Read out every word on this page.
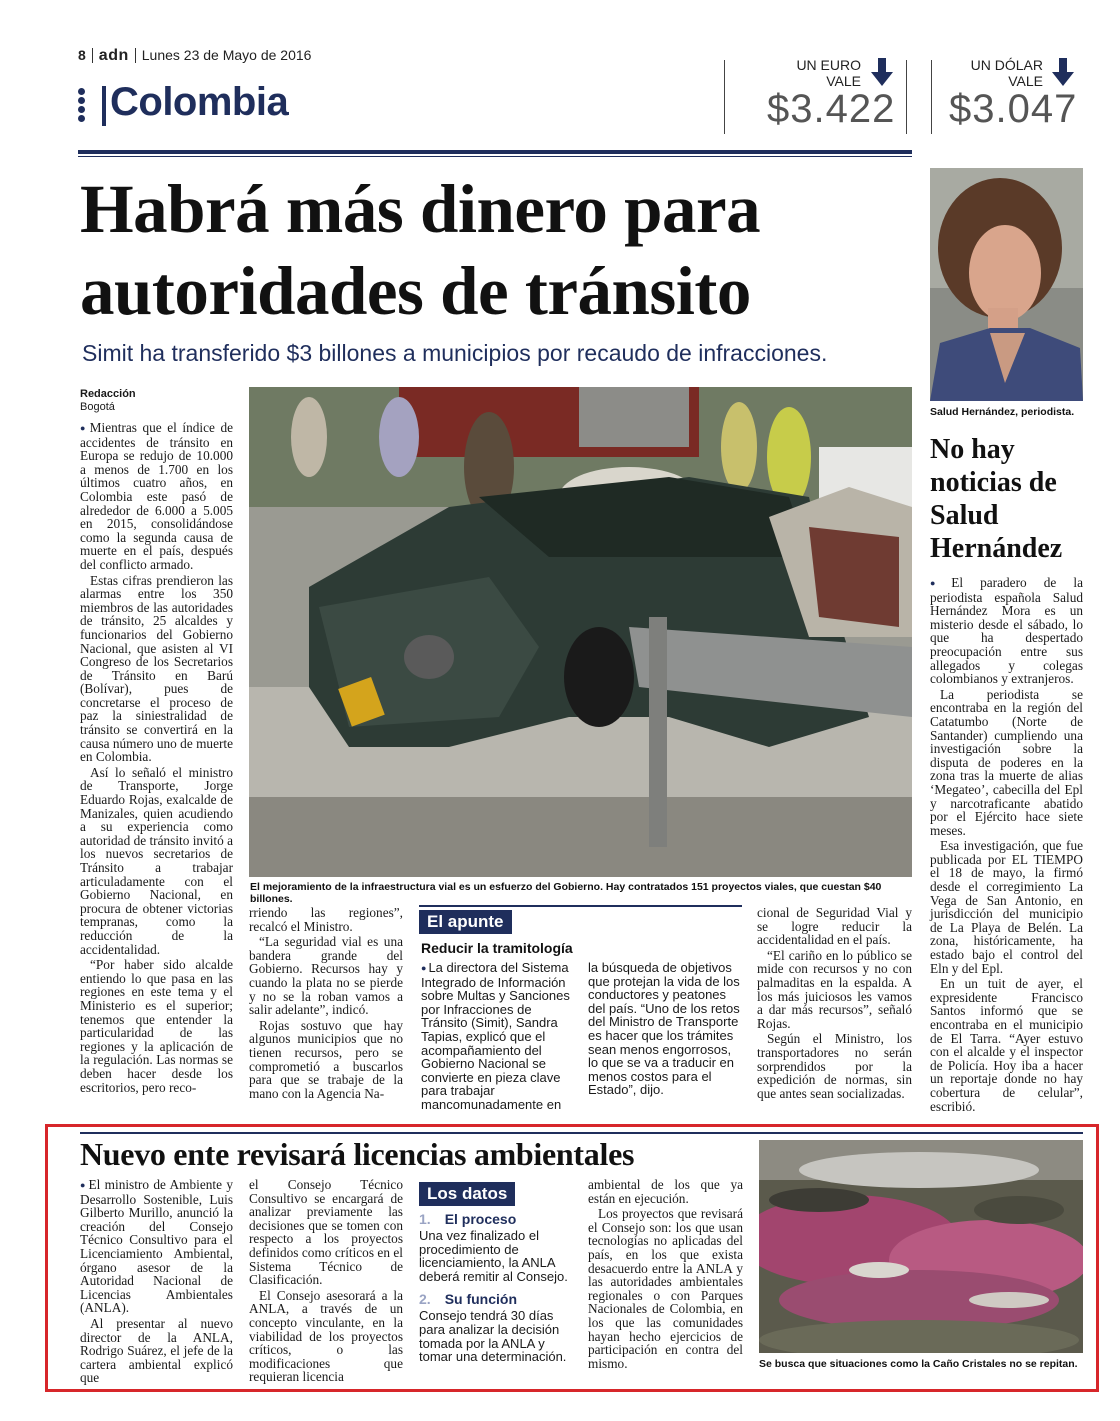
8 adn Lunes 23 de Mayo de 2016
Colombia
UN EURO
VALE
$3.422
UN DÓLAR
VALE
$3.047
Habrá más dinero para autoridades de tránsito
Simit ha transferido $3 billones a municipios por recaudo de infracciones.
Redacción
Bogotá
El mejoramiento de la infraestructura vial es un esfuerzo del Gobierno. Hay contratados 151 proyectos viales, que cuestan $40 billones.

● Mientras que el índice de accidentes de tránsito en Europa se redujo de 10.000 a menos de 1.700 en los últimos cuatro años, en Colombia este pasó de alrededor de 6.000 a 5.005 en 2015, consolidándose como la segunda causa de muerte en el país, después del conflicto armado.

Estas cifras prendieron las alarmas entre los 350 miembros de las autoridades de tránsito, 25 alcaldes y funcionarios del Gobierno Nacional, que asisten al VI Congreso de los Secretarios de Tránsito en Barú (Bolívar), pues de concretarse el proceso de paz la siniestralidad de tránsito se convertirá en la causa número uno de muerte en Colombia.

Así lo señaló el ministro de Transporte, Jorge Eduardo Rojas, exalcalde de Manizales, quien acudiendo a su experiencia como autoridad de tránsito invitó a los nuevos secretarios de Tránsito a trabajar articuladamente con el Gobierno Nacional, en procura de obtener victorias tempranas, como la reducción de la accidentalidad.

“Por haber sido alcalde entiendo lo que pasa en las regiones en este tema y el Ministerio es el superior; tenemos que entender la particularidad de las regiones y la aplicación de la regulación. Las normas se deben hacer desde los escritorios, pero reco-

rriendo las regiones”, recalcó el Ministro.

“La seguridad vial es una bandera grande del Gobierno. Recursos hay y cuando la plata no se pierde y no se la roban vamos a salir adelante”, indicó.

Rojas sostuvo que hay algunos municipios que no tienen recursos, pero se comprometió a buscarlos para que se trabaje de la mano con la Agencia Na-

El apunte
Reducir la tramitología

● La directora del Sistema Integrado de Información sobre Multas y Sanciones por Infracciones de Tránsito (Simit), Sandra Tapias, explicó que el acompañamiento del Gobierno Nacional se convierte en pieza clave para trabajar mancomunadamente en

la búsqueda de objetivos que protejan la vida de los conductores y peatones del país. “Uno de los retos del Ministro de Transporte es hacer que los trámites sean menos engorrosos, lo que se va a traducir en menos costos para el Estado”, dijo.

cional de Seguridad Vial y se logre reducir la accidentalidad en el país.

“El cariño en lo público se mide con recursos y no con palmaditas en la espalda. A los más juiciosos les vamos a dar más recursos”, señaló Rojas.

Según el Ministro, los transportadores no serán sorprendidos por la expedición de normas, sin que antes sean socializadas.

Salud Hernández, periodista.
No hay noticias de Salud Hernández

● El paradero de la periodista española Salud Hernández Mora es un misterio desde el sábado, lo que ha despertado preocupación entre sus allegados y colegas colombianos y extranjeros.

La periodista se encontraba en la región del Catatumbo (Norte de Santander) cumpliendo una investigación sobre la disputa de poderes en la zona tras la muerte de alias ‘Megateo’, cabecilla del Epl y narcotraficante abatido por el Ejército hace siete meses.

Esa investigación, que fue publicada por EL TIEMPO el 18 de mayo, la firmó desde el corregimiento La Vega de San Antonio, en jurisdicción del municipio de La Playa de Belén. La zona, históricamente, ha estado bajo el control del Eln y del Epl.

En un tuit de ayer, el expresidente Francisco Santos informó que se encontraba en el municipio de El Tarra. “Ayer estuvo con el alcalde y el inspector de Policía. Hoy iba a hacer un reportaje donde no hay cobertura de celular”, escribió.

Nuevo ente revisará licencias ambientales

● El ministro de Ambiente y Desarrollo Sostenible, Luis Gilberto Murillo, anunció la creación del Consejo Técnico Consultivo para el Licenciamiento Ambiental, órgano asesor de la Autoridad Nacional de Licencias Ambientales (ANLA).

Al presentar al nuevo director de la ANLA, Rodrigo Suárez, el jefe de la cartera ambiental explicó que

el Consejo Técnico Consultivo se encargará de analizar previamente las decisiones que se tomen con respecto a los proyectos definidos como críticos en el Sistema Técnico de Clasificación.

El Consejo asesorará a la ANLA, a través de un concepto vinculante, en la viabilidad de los proyectos críticos, o las modificaciones que requieran licencia

Los datos
1. El proceso
Una vez finalizado el procedimiento de licenciamiento, la ANLA deberá remitir al Consejo.
2. Su función
Consejo tendrá 30 días para analizar la decisión tomada por la ANLA y tomar una determinación.

ambiental de los que ya están en ejecución.

Los proyectos que revisará el Consejo son: los que usan tecnologías no aplicadas del país, en los que exista desacuerdo entre la ANLA y las autoridades ambientales regionales o con Parques Nacionales de Colombia, en los que las comunidades hayan hecho ejercicios de participación en contra del mismo.	Se busca que situaciones como la Caño Cristales no se repitan.
